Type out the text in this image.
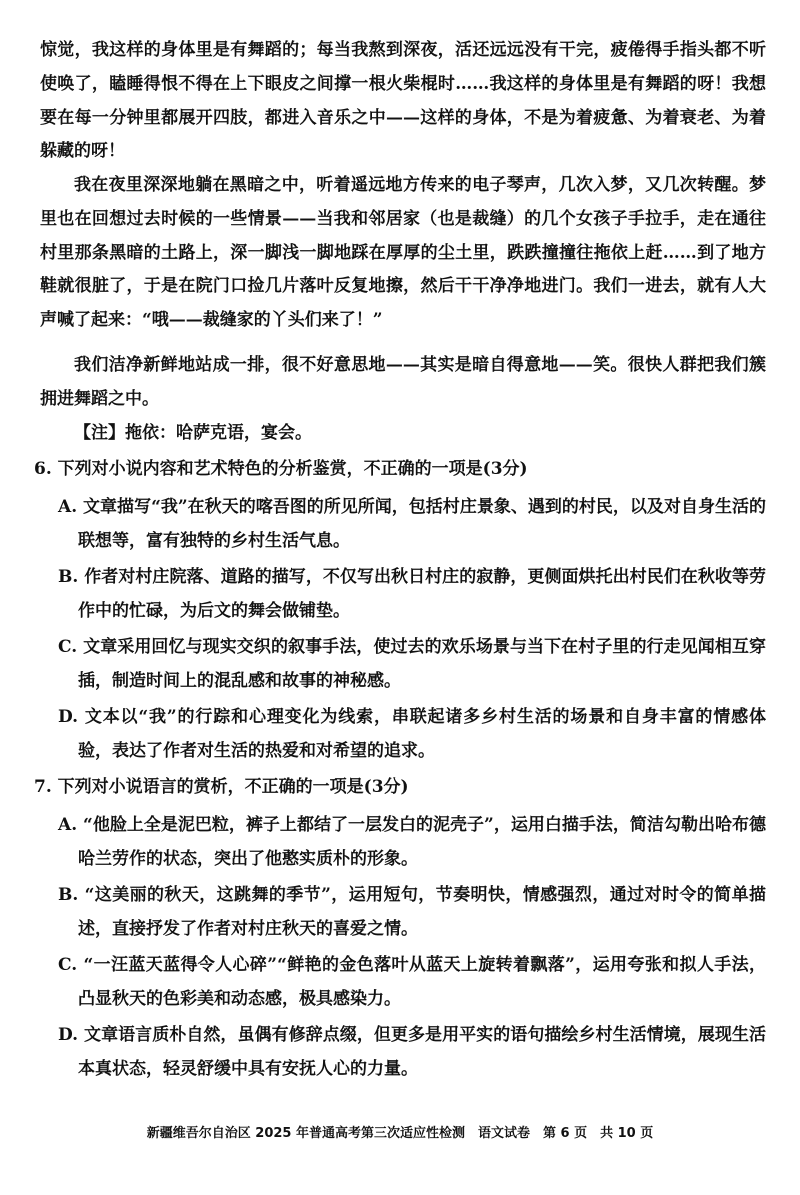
惊觉，我这样的身体里是有舞蹈的；每当我熬到深夜，活还远远没有干完，疲倦得手指头都不听使唤了，瞌睡得恨不得在上下眼皮之间撑一根火柴棍时……我这样的身体里是有舞蹈的呀！我想要在每一分钟里都展开四肢，都进入音乐之中——这样的身体，不是为着疲惫、为着衰老、为着躲藏的呀！

我在夜里深深地躺在黑暗之中，听着遥远地方传来的电子琴声，几次入梦，又几次转醒。梦里也在回想过去时候的一些情景——当我和邻居家（也是裁缝）的几个女孩子手拉手，走在通往村里那条黑暗的土路上，深一脚浅一脚地踩在厚厚的尘土里，跌跌撞撞往拖依上赶……到了地方鞋就很脏了，于是在院门口捡几片落叶反复地擦，然后干干净净地进门。我们一进去，就有人大声喊了起来：“哦——裁缝家的丫头们来了！”

我们洁净新鲜地站成一排，很不好意思地——其实是暗自得意地——笑。很快人群把我们簇拥进舞蹈之中。

【注】拖依：哈萨克语，宴会。

6. 下列对小说内容和艺术特色的分析鉴赏，不正确的一项是(3分)

A. 文章描写“我”在秋天的喀吾图的所见所闻，包括村庄景象、遇到的村民，以及对自身生活的联想等，富有独特的乡村生活气息。

B. 作者对村庄院落、道路的描写，不仅写出秋日村庄的寂静，更侧面烘托出村民们在秋收等劳作中的忙碌，为后文的舞会做铺垫。

C. 文章采用回忆与现实交织的叙事手法，使过去的欢乐场景与当下在村子里的行走见闻相互穿插，制造时间上的混乱感和故事的神秘感。

D. 文本以“我”的行踪和心理变化为线索，串联起诸多乡村生活的场景和自身丰富的情感体验，表达了作者对生活的热爱和对希望的追求。

7. 下列对小说语言的赏析，不正确的一项是(3分)

A. “他脸上全是泥巴粒，裤子上都结了一层发白的泥壳子”，运用白描手法，简洁勾勒出哈布德哈兰劳作的状态，突出了他憨实质朴的形象。

B. “这美丽的秋天，这跳舞的季节”，运用短句，节奏明快，情感强烈，通过对时令的简单描述，直接抒发了作者对村庄秋天的喜爱之情。

C. “一汪蓝天蓝得令人心碎”“鲜艳的金色落叶从蓝天上旋转着飘落”，运用夸张和拟人手法，凸显秋天的色彩美和动态感，极具感染力。

D. 文章语言质朴自然，虽偶有修辞点缀，但更多是用平实的语句描绘乡村生活情境，展现生活本真状态，轻灵舒缓中具有安抚人心的力量。

新疆维吾尔自治区 2025 年普通高考第三次适应性检测　语文试卷　第 6 页　共 10 页
